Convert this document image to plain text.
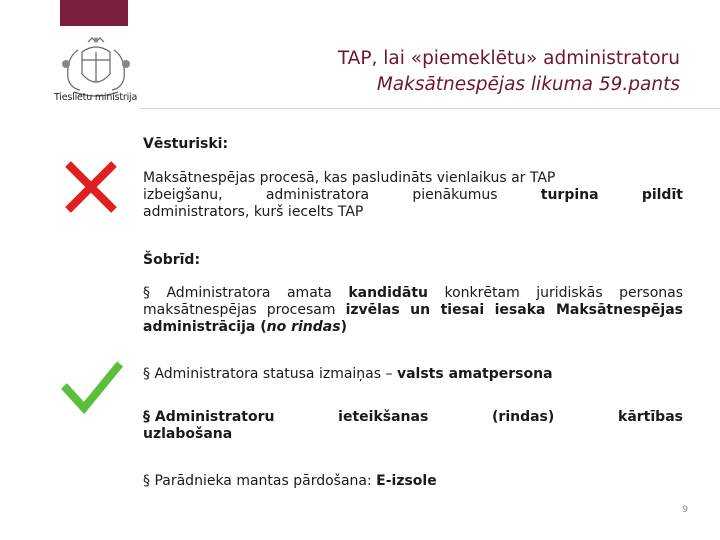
Tieslietu ministrija
TAP, lai «piemeklētu» administratoru
Maksātnespējas likuma 59.pants
Vēsturiski:
Maksātnespējas procesā, kas pasludināts vienlaikus ar TAP
izbeigšanu,	administratora	pienākumus	turpina	pildīt
administrators, kurš iecelts TAP
Šobrīd:
§ Administratora amata kandidātu konkrētam juridiskās personas maksātnespējas procesam izvēlas un tiesai iesaka Maksātnespējas administrācija (no rindas)
§ Administratora statusa izmaiņas – valsts amatpersona
§ Administratoru	ieteikšanas	(rindas)	kārtības
uzlabošana
§ Parādnieka mantas pārdošana: E-izsole
9
